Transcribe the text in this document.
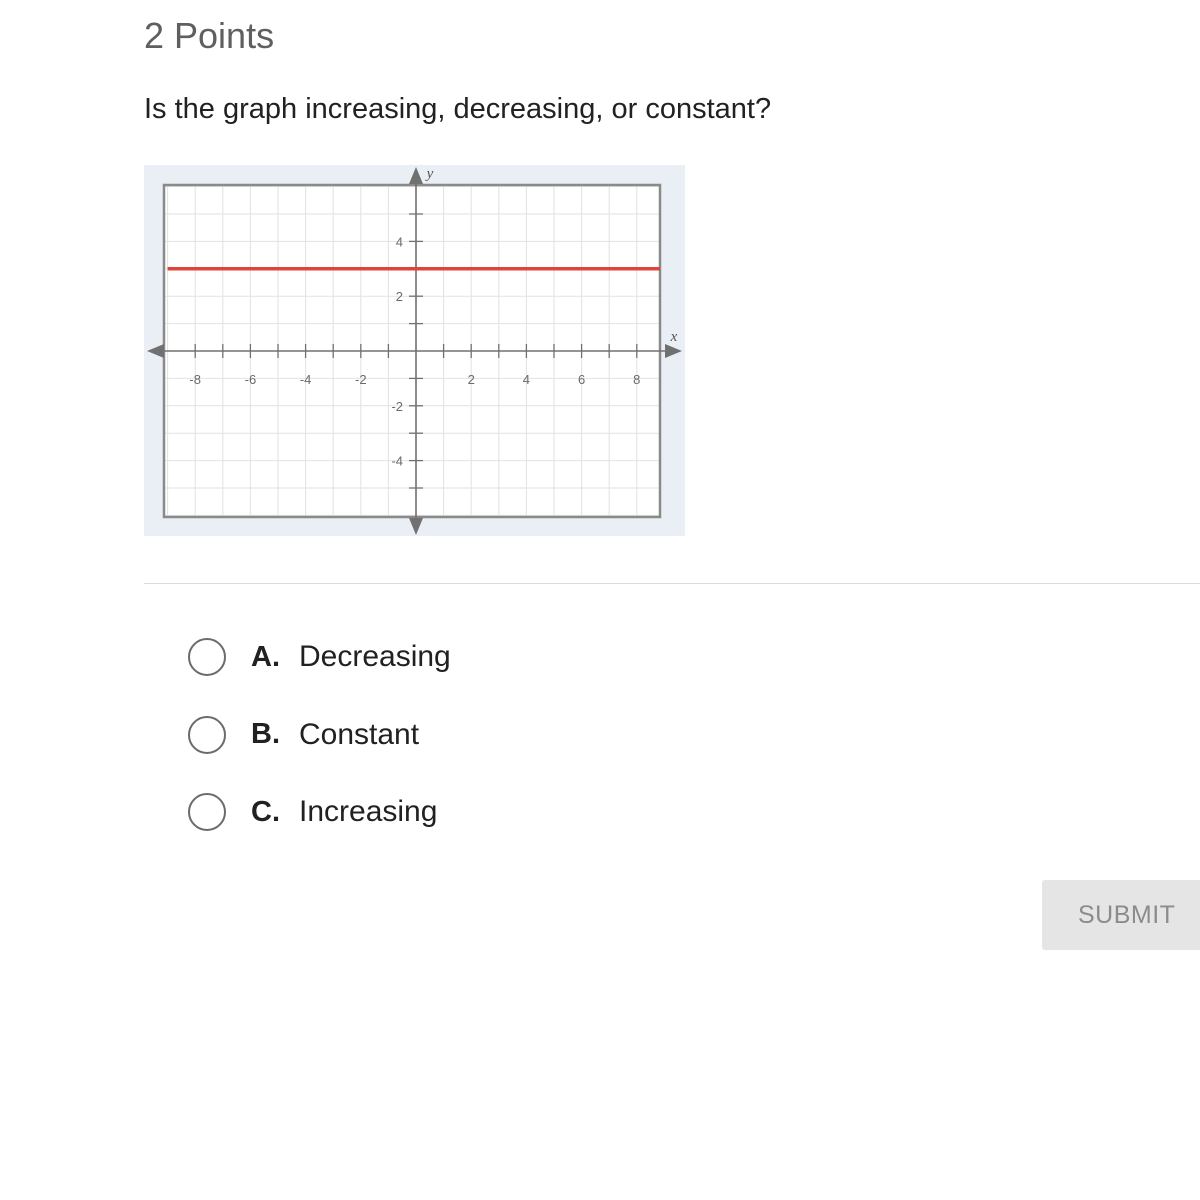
2 Points

Is the graph increasing, decreasing, or constant?

-8	-6	-4	-2	2	4	6	8
4
2
-2
-4
x
y
A. Decreasing
B. Constant
C. Increasing
SUBMIT
